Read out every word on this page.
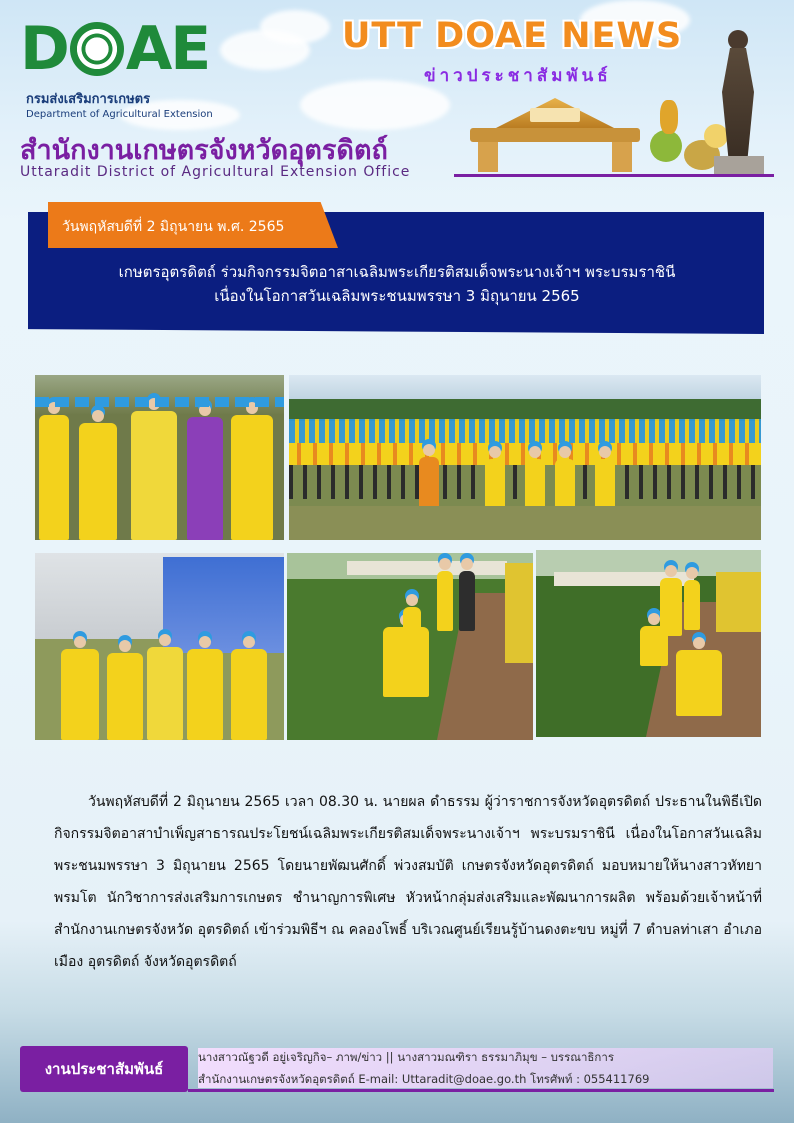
D AE
กรมส่งเสริมการเกษตร
Department of Agricultural Extension
UTT DOAE NEWS
ข่าวประชาสัมพันธ์
สำนักงานเกษตรจังหวัดอุตรดิตถ์
Uttaradit District of Agricultural Extension Office
วันพฤหัสบดีที่ 2 มิถุนายน พ.ศ. 2565
เกษตรอุตรดิตถ์ ร่วมกิจกรรมจิตอาสาเฉลิมพระเกียรติสมเด็จพระนางเจ้าฯ พระบรมราชินี
เนื่องในโอกาสวันเฉลิมพระชนมพรรษา 3 มิถุนายน 2565
วันพฤหัสบดีที่ 2 มิถุนายน 2565 เวลา 08.30 น. นายผล ดำธรรม ผู้ว่าราชการจังหวัดอุตรดิตถ์ ประธานในพิธีเปิดกิจกรรมจิตอาสาบำเพ็ญสาธารณประโยชน์เฉลิมพระเกียรติสมเด็จพระนางเจ้าฯ พระบรมราชินี เนื่องในโอกาสวันเฉลิมพระชนมพรรษา 3 มิถุนายน 2565 โดยนายพัฒนศักดิ์ พ่วงสมบัติ เกษตรจังหวัดอุตรดิตถ์ มอบหมายให้นางสาวหัทยา พรมโต นักวิชาการส่งเสริมการเกษตร ชำนาญการพิเศษ หัวหน้ากลุ่มส่งเสริมและพัฒนาการผลิต พร้อมด้วยเจ้าหน้าที่สำนักงานเกษตรจังหวัด อุตรดิตถ์ เข้าร่วมพิธีฯ ณ คลองโพธิ์ บริเวณศูนย์เรียนรู้บ้านดงตะขบ หมู่ที่ 7 ตำบลท่าเสา อำเภอเมือง อุตรดิตถ์ จังหวัดอุตรดิตถ์
งานประชาสัมพันธ์
นางสาวณัฐวดี อยู่เจริญกิจ– ภาพ/ข่าว || นางสาวมณฑิรา ธรรมาภิมุข – บรรณาธิการ
สำนักงานเกษตรจังหวัดอุตรดิตถ์ E-mail: Uttaradit@doae.go.th โทรศัพท์ : 055411769
